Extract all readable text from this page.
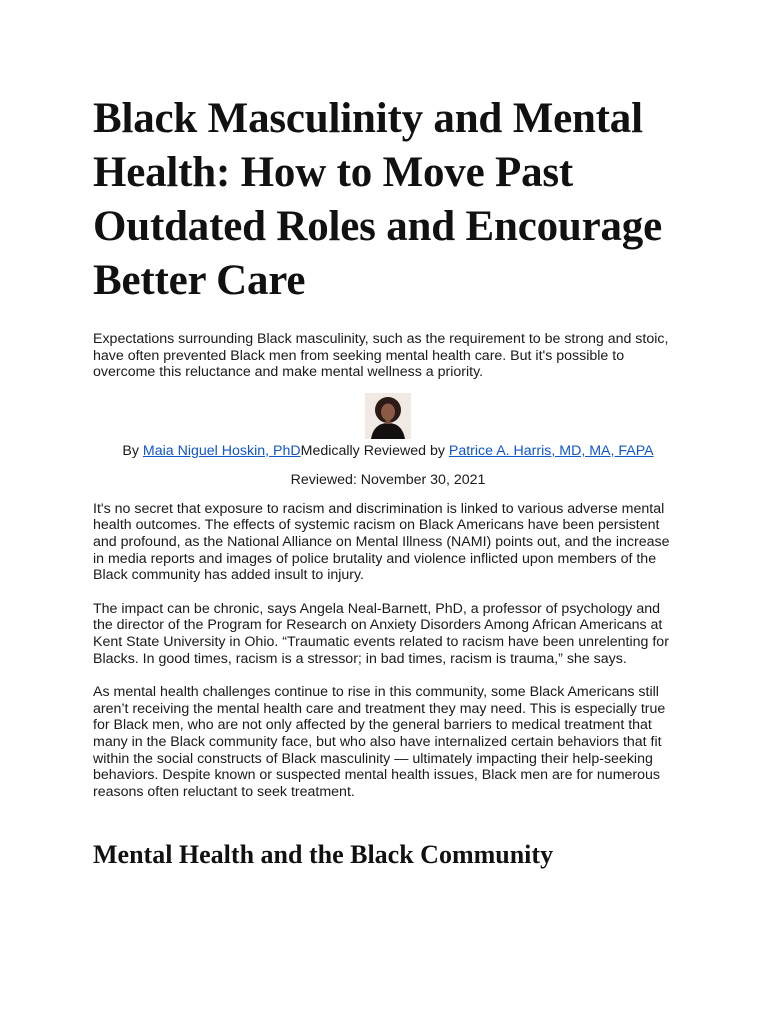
Black Masculinity and Mental Health: How to Move Past Outdated Roles and Encourage Better Care

Expectations surrounding Black masculinity, such as the requirement to be strong and stoic, have often prevented Black men from seeking mental health care. But it's possible to overcome this reluctance and make mental wellness a priority.

By Maia Niguel Hoskin, PhDMedically Reviewed by Patrice A. Harris, MD, MA, FAPA

Reviewed: November 30, 2021

It's no secret that exposure to racism and discrimination is linked to various adverse mental health outcomes. The effects of systemic racism on Black Americans have been persistent and profound, as the National Alliance on Mental Illness (NAMI) points out, and the increase in media reports and images of police brutality and violence inflicted upon members of the Black community has added insult to injury.

The impact can be chronic, says Angela Neal-Barnett, PhD, a professor of psychology and the director of the Program for Research on Anxiety Disorders Among African Americans at Kent State University in Ohio. “Traumatic events related to racism have been unrelenting for Blacks. In good times, racism is a stressor; in bad times, racism is trauma,” she says.

As mental health challenges continue to rise in this community, some Black Americans still aren’t receiving the mental health care and treatment they may need. This is especially true for Black men, who are not only affected by the general barriers to medical treatment that many in the Black community face, but who also have internalized certain behaviors that fit within the social constructs of Black masculinity — ultimately impacting their help-seeking behaviors. Despite known or suspected mental health issues, Black men are for numerous reasons often reluctant to seek treatment.

Mental Health and the Black Community
